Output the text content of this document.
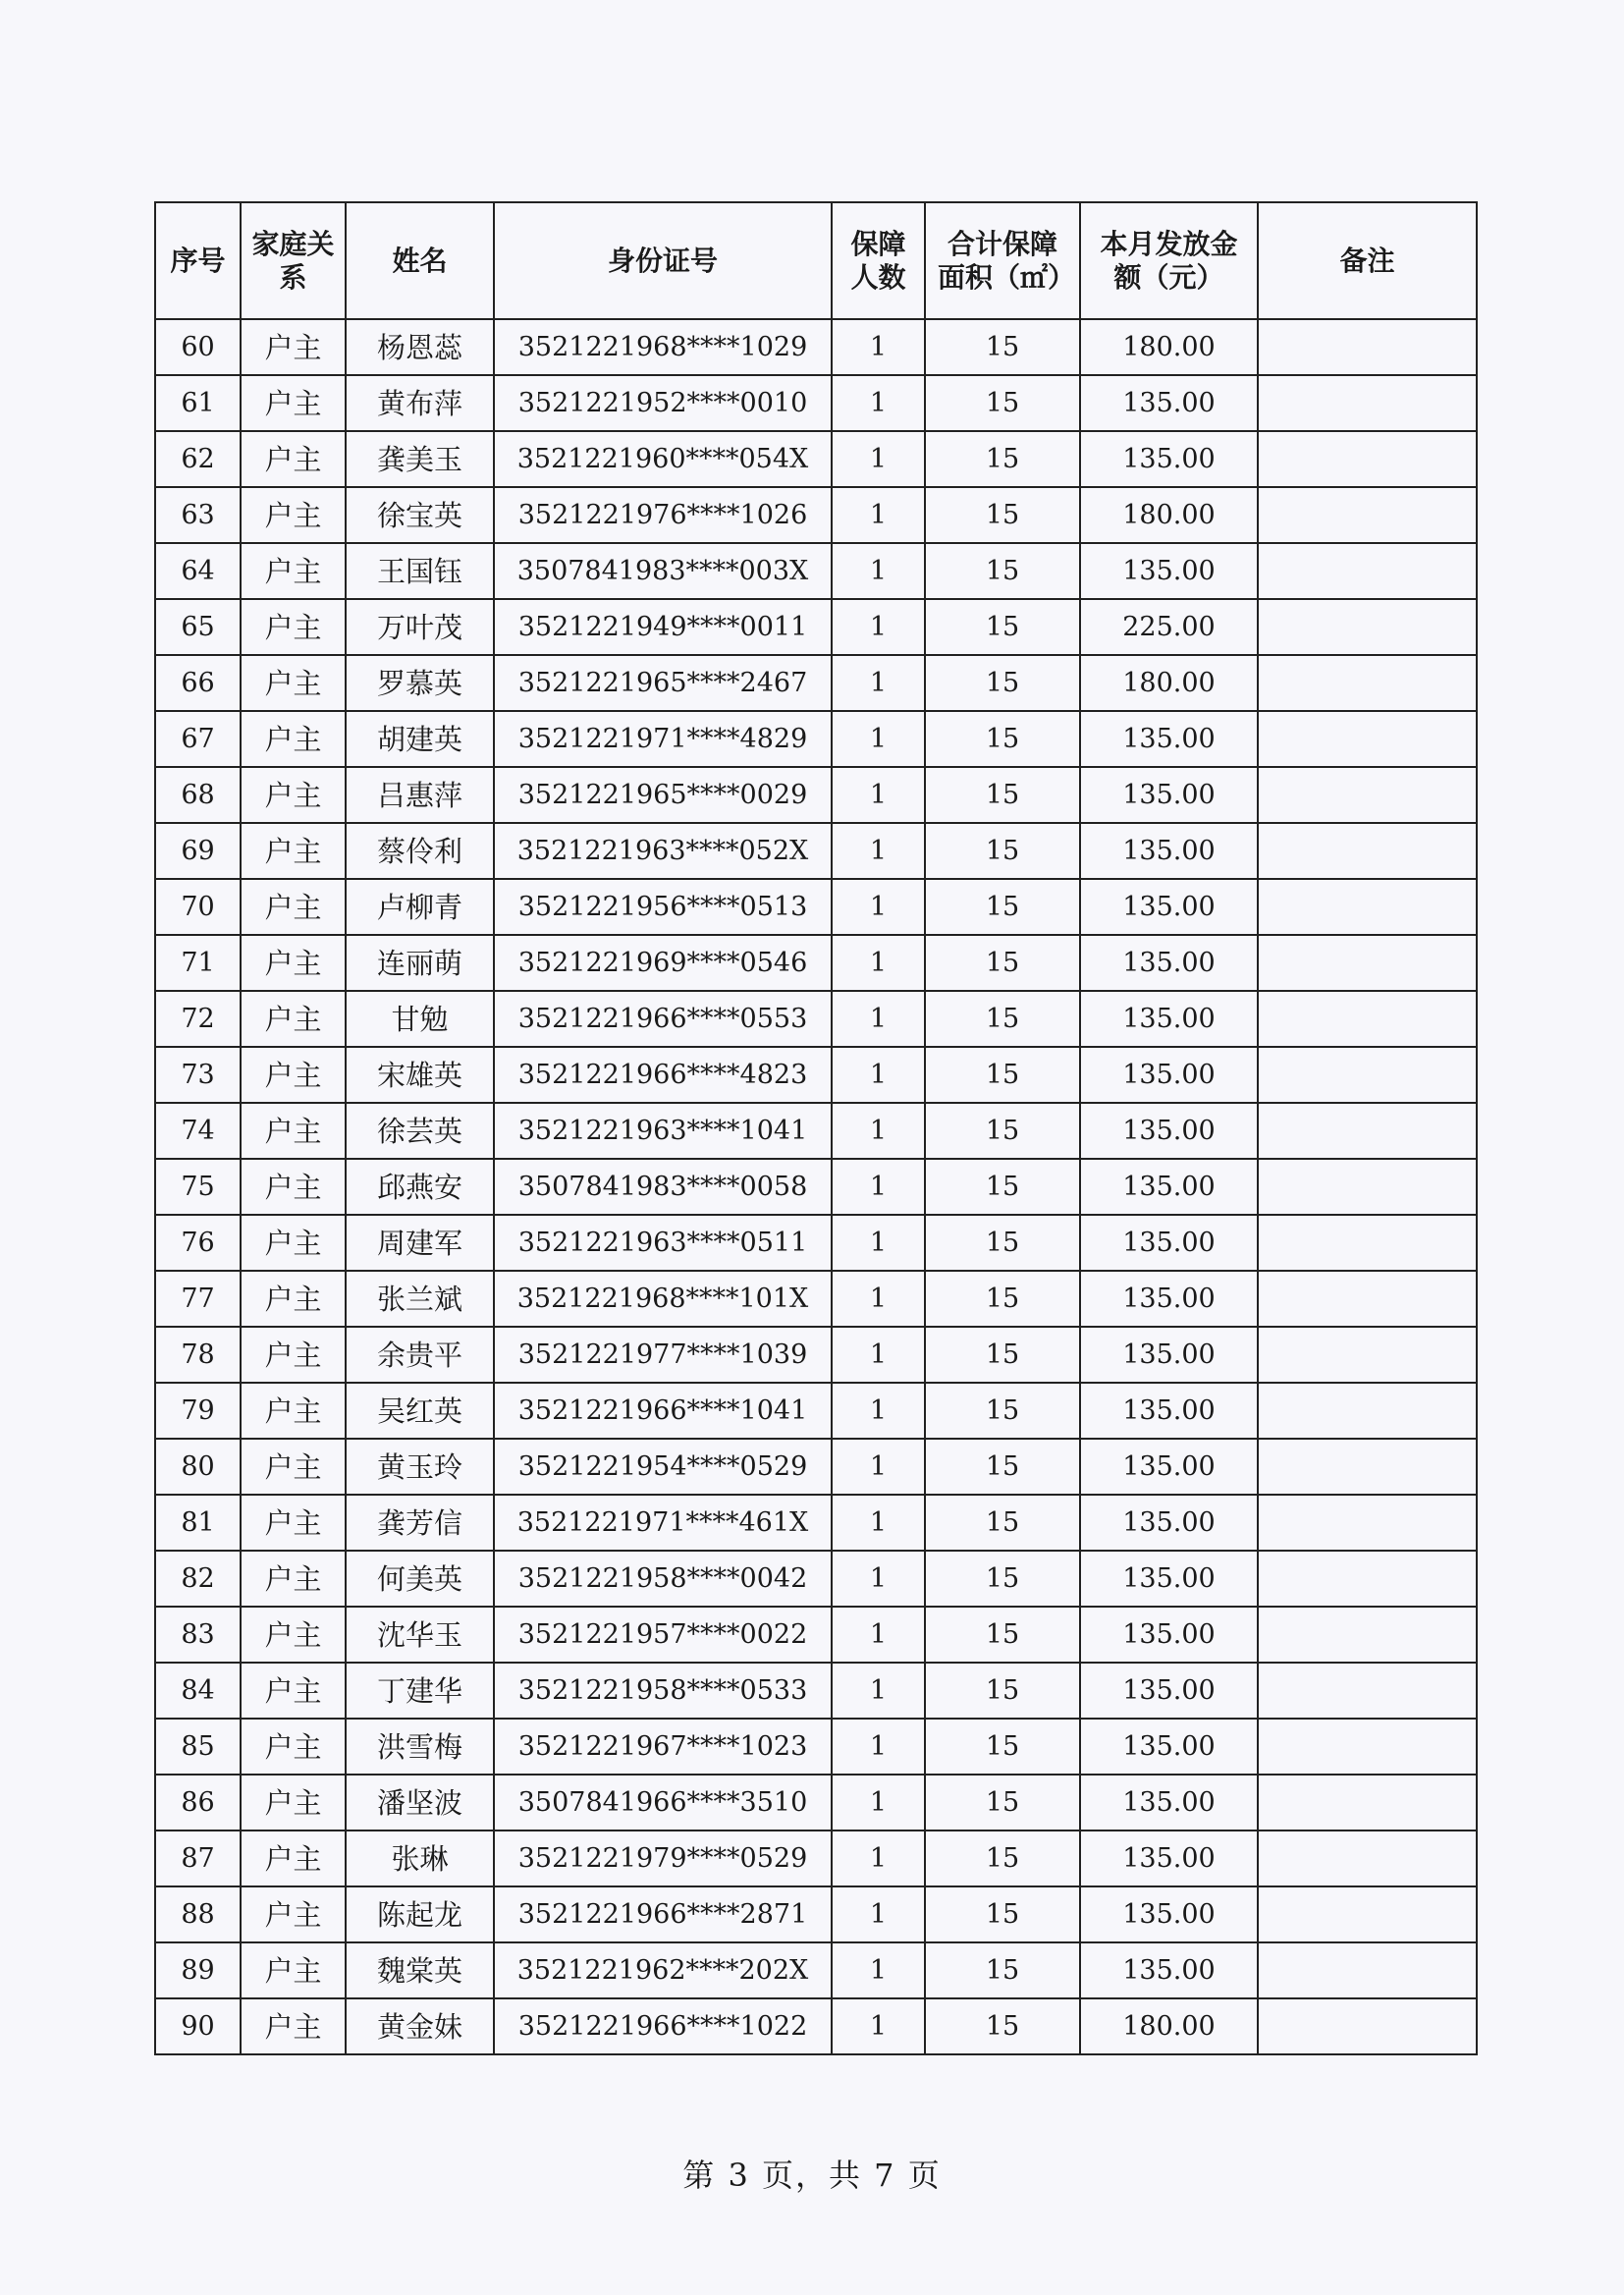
序号	家庭关系	姓名	身份证号	保障人数	合计保障面积（㎡）	本月发放金额（元）	备注
60	户主	杨恩蕊	3521221968****1029	1	15	180.00	
61	户主	黄布萍	3521221952****0010	1	15	135.00	
62	户主	龚美玉	3521221960****054X	1	15	135.00	
63	户主	徐宝英	3521221976****1026	1	15	180.00	
64	户主	王国钰	3507841983****003X	1	15	135.00	
65	户主	万叶茂	3521221949****0011	1	15	225.00	
66	户主	罗慕英	3521221965****2467	1	15	180.00	
67	户主	胡建英	3521221971****4829	1	15	135.00	
68	户主	吕惠萍	3521221965****0029	1	15	135.00	
69	户主	蔡伶利	3521221963****052X	1	15	135.00	
70	户主	卢柳青	3521221956****0513	1	15	135.00	
71	户主	连丽萌	3521221969****0546	1	15	135.00	
72	户主	甘勉	3521221966****0553	1	15	135.00	
73	户主	宋雄英	3521221966****4823	1	15	135.00	
74	户主	徐芸英	3521221963****1041	1	15	135.00	
75	户主	邱燕安	3507841983****0058	1	15	135.00	
76	户主	周建军	3521221963****0511	1	15	135.00	
77	户主	张兰斌	3521221968****101X	1	15	135.00	
78	户主	余贵平	3521221977****1039	1	15	135.00	
79	户主	吴红英	3521221966****1041	1	15	135.00	
80	户主	黄玉玲	3521221954****0529	1	15	135.00	
81	户主	龚芳信	3521221971****461X	1	15	135.00	
82	户主	何美英	3521221958****0042	1	15	135.00	
83	户主	沈华玉	3521221957****0022	1	15	135.00	
84	户主	丁建华	3521221958****0533	1	15	135.00	
85	户主	洪雪梅	3521221967****1023	1	15	135.00	
86	户主	潘坚波	3507841966****3510	1	15	135.00	
87	户主	张琳	3521221979****0529	1	15	135.00	
88	户主	陈起龙	3521221966****2871	1	15	135.00	
89	户主	魏棠英	3521221962****202X	1	15	135.00	
90	户主	黄金妹	3521221966****1022	1	15	180.00	
第 3 页，共 7 页
